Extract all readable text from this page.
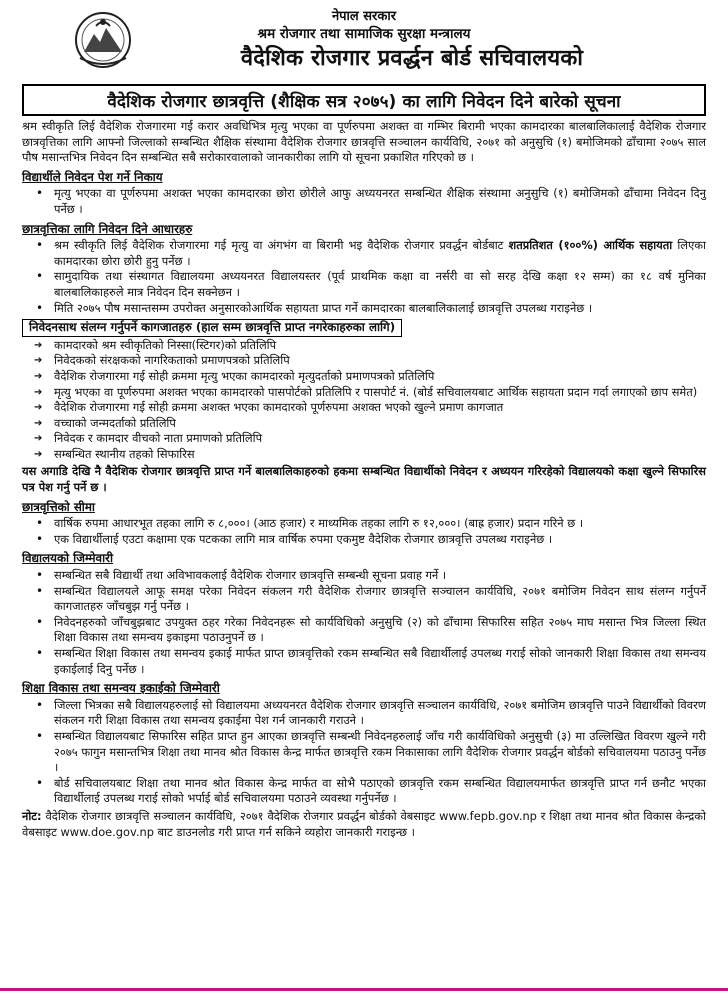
नेपाल सरकार
श्रम रोजगार तथा सामाजिक सुरक्षा मन्त्रालय
वैदेशिक रोजगार प्रवर्द्धन बोर्ड सचिवालयको
वैदेशिक रोजगार छात्रवृत्ति (शैक्षिक सत्र २०७५) का लागि निवेदन दिने बारेको सूचना

श्रम स्वीकृति लिई वैदेशिक रोजगारमा गई करार अवधिभित्र मृत्यु भएका वा पूर्णरुपमा अशक्त वा गम्भिर बिरामी भएका कामदारका बालबालिकालाई वैदेशिक रोजगार छात्रवृत्तिका लागि आफ्नो जिल्लाको सम्बन्धित शैक्षिक संस्थामा वैदेशिक रोजगार छात्रवृत्ति सञ्चालन कार्यविधि, २०७१ को अनुसुचि (१) बमोजिमको ढाँचामा २०७५ साल पौष मसान्तभित्र निवेदन दिन सम्बन्धित सबै सरोकारवालाको जानकारीका लागि यो सूचना प्रकाशित गरिएको छ ।

विद्यार्थीले निवेदन पेश गर्ने निकाय
• मृत्यु भएका वा पूर्णरुपमा अशक्त भएका कामदारका छोरा छोरीले आफु अध्ययनरत सम्बन्धित शैक्षिक संस्थामा अनुसुचि (१) बमोजिमको ढाँचामा निवेदन दिनु पर्नेछ ।
छात्रवृत्तिका लागि निवेदन दिने आधारहरु
• श्रम स्वीकृति लिई वैदेशिक रोजगारमा गई मृत्यु वा अंगभंग वा बिरामी भइ वैदेशिक रोजगार प्रवर्द्धन बोर्डबाट शतप्रतिशत (१००%) आर्थिक सहायता लिएका कामदारका छोरा छोरी हुनु पर्नेछ ।
• सामुदायिक तथा संस्थागत विद्यालयमा अध्ययनरत विद्यालयस्तर (पूर्व प्राथमिक कक्षा वा नर्सरी वा सो सरह देखि कक्षा १२ सम्म) का १८ वर्ष मुनिका बालबालिकाहरुले मात्र निवेदन दिन सक्नेछन ।
• मिति २०७५ पौष मसान्तसम्म उपरोक्त अनुसारकोआर्थिक सहायता प्राप्त गर्ने कामदारका बालबालिकालाई छात्रवृत्ति उपलब्ध गराइनेछ ।
निवेदनसाथ संलग्न गर्नुपर्ने कागजातहरु (हाल सम्म छात्रवृत्ति प्राप्त नगरेकाहरुका लागि)
➔ कामदारको श्रम स्वीकृतिको निस्सा(स्टिगर)को प्रतिलिपि
➔ निवेदकको संरक्षकको नागरिकताको प्रमाणपत्रको प्रतिलिपि
➔ वैदेशिक रोजगारमा गई सोही क्रममा मृत्यु भएका कामदारको मृत्युदर्ताको प्रमाणपत्रको प्रतिलिपि
➔ मृत्यु भएका वा पूर्णरुपमा अशक्त भएका कामदारको पासपोर्टको प्रतिलिपि र पासपोर्ट नं. (बोर्ड सचिवालयबाट आर्थिक सहायता प्रदान गर्दा लगाएको छाप समेत)
➔ वैदेशिक रोजगारमा गई सोही क्रममा अशक्त भएका कामदारको पूर्णरुपमा अशक्त भएको खुल्ने प्रमाण कागजात
➔ वच्चाको जन्मदर्ताको प्रतिलिपि
➔ निवेदक र कामदार वीचको नाता प्रमाणको प्रतिलिपि
➔ सम्बन्धित स्थानीय तहको सिफारिस

यस अगाडि देखि नै वैदेशिक रोजगार छात्रवृत्ति प्राप्त गर्ने बालबालिकाहरुको हकमा सम्बन्धित विद्यार्थीको निवेदन र अध्ययन गरिरहेको विद्यालयको कक्षा खुल्ने सिफारिस पत्र पेश गर्नु पर्ने छ ।

छात्रवृत्तिको सीमा
• वार्षिक रुपमा आधारभूत तहका लागि रु ८,०००। (आठ हजार) र माध्यमिक तहका लागि रु १२,०००। (बाह्र हजार) प्रदान गरिने छ ।
• एक विद्यार्थीलाई एउटा कक्षामा एक पटकका लागि मात्र वार्षिक रुपमा एकमुष्ट वैदेशिक रोजगार छात्रवृत्ति उपलब्ध गराइनेछ ।
विद्यालयको जिम्मेवारी
• सम्बन्धित सबै विद्यार्थी तथा अविभावकलाई वैदेशिक रोजगार छात्रवृत्ति सम्बन्धी सूचना प्रवाह गर्ने ।
• सम्बन्धित विद्यालयले आफू समक्ष परेका निवेदन संकलन गरी वैदेशिक रोजगार छात्रवृत्ति सञ्चालन कार्यविधि, २०७१ बमोजिम निवेदन साथ संलग्न गर्नुपर्ने कागजातहरु जाँचबुझ गर्नु पर्नेछ ।
• निवेदनहरुको जाँचबुझबाट उपयुक्त ठहर गरेका निवेदनहरू सो कार्यविधिको अनुसुचि (२) को ढाँचामा सिफारिस सहित २०७५ माघ मसान्त भित्र जिल्ला स्थित शिक्षा विकास तथा समन्वय इकाइमा पठाउनुपर्ने छ ।
• सम्बन्धित शिक्षा विकास तथा समन्वय इकाई मार्फत प्राप्त छात्रवृत्तिको रकम सम्बन्धित सबै विद्यार्थीलाई उपलब्ध गराई सोको जानकारी शिक्षा विकास तथा समन्वय इकाईलाई दिनु पर्नेछ ।
शिक्षा विकास तथा समन्वय इकाईको जिम्मेवारी
• जिल्ला भित्रका सबै विद्यालयहरुलाई सो विद्यालयमा अध्ययनरत वैदेशिक रोजगार छात्रवृत्ति सञ्चालन कार्यविधि, २०७१ बमोजिम छात्रवृत्ति पाउने विद्यार्थीको विवरण संकलन गरी शिक्षा विकास तथा समन्वय इकाईमा पेश गर्न जानकारी गराउने ।
• सम्बन्धित विद्यालयबाट सिफारिस सहित प्राप्त हुन आएका छात्रवृत्ति सम्बन्धी निवेदनहरुलाई जाँच गरी कार्यविधिको अनुसुची (३) मा उल्लिखित विवरण खुल्ने गरी २०७५ फागुन मसान्तभित्र शिक्षा तथा मानव श्रोत विकास केन्द्र मार्फत छात्रवृत्ति रकम निकासाका लागि वैदेशिक रोजगार प्रवर्द्धन बोर्डको सचिवालयमा पठाउनु पर्नेछ ।
• बोर्ड सचिवालयबाट शिक्षा तथा मानव श्रोत विकास केन्द्र मार्फत वा सोभै पठाएको छात्रवृत्ति रकम सम्बन्धित विद्यालयमार्फत छात्रवृत्ति प्राप्त गर्न छनौट भएका विद्यार्थीलाई उपलब्ध गराई सोको भर्पाई बोर्ड सचिवालयमा पठाउने व्यवस्था गर्नुपर्नेछ ।

नोट: वैदेशिक रोजगार छात्रवृत्ति सञ्चालन कार्यविधि, २०७१ वैदेशिक रोजगार प्रवर्द्धन बोर्डको वेबसाइट www.fepb.gov.np र शिक्षा तथा मानव श्रोत विकास केन्द्रको वेबसाइट www.doe.gov.np बाट डाउनलोड गरी प्राप्त गर्न सकिने व्यहोरा जानकारी गराइन्छ ।
